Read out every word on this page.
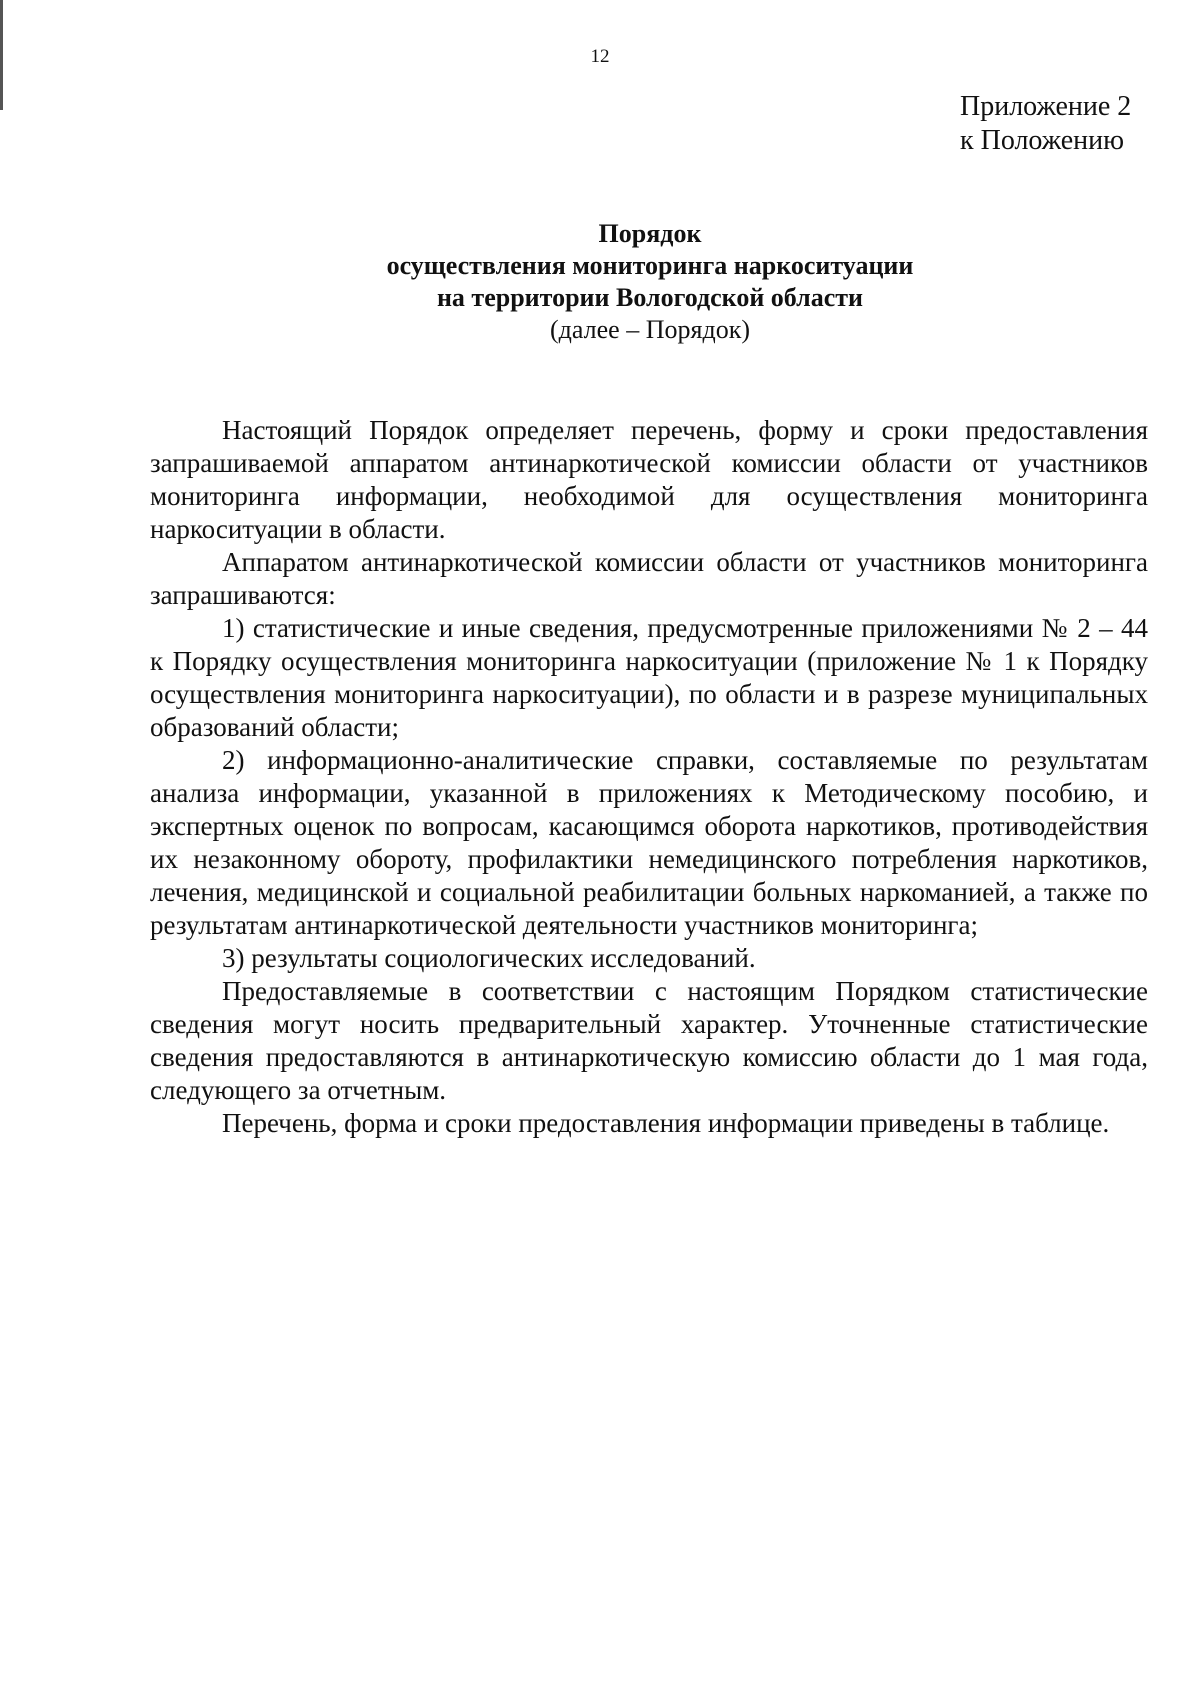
12
Приложение 2
к Положению
Порядок
осуществления мониторинга наркоситуации
на территории Вологодской области
(далее – Порядок)

Настоящий Порядок определяет перечень, форму и сроки предоставления запрашиваемой аппаратом антинаркотической комиссии области от участников мониторинга информации, необходимой для осуществления мониторинга наркоситуации в области.

Аппаратом антинаркотической комиссии области от участников мониторинга запрашиваются:

1) статистические и иные сведения, предусмотренные приложениями № 2 – 44 к Порядку осуществления мониторинга наркоситуации (приложение № 1 к Порядку осуществления мониторинга наркоситуации), по области и в разрезе муниципальных образований области;

2) информационно-аналитические справки, составляемые по результатам анализа информации, указанной в приложениях к Методическому пособию, и экспертных оценок по вопросам, касающимся оборота наркотиков, противодействия их незаконному обороту, профилактики немедицинского потребления наркотиков, лечения, медицинской и социальной реабилитации больных наркоманией, а также по результатам антинаркотической деятельности участников мониторинга;

3) результаты социологических исследований.

Предоставляемые в соответствии с настоящим Порядком статистические сведения могут носить предварительный характер. Уточненные статистические сведения предоставляются в антинаркотическую комиссию области до 1 мая года, следующего за отчетным.

Перечень, форма и сроки предоставления информации приведены в таблице.
